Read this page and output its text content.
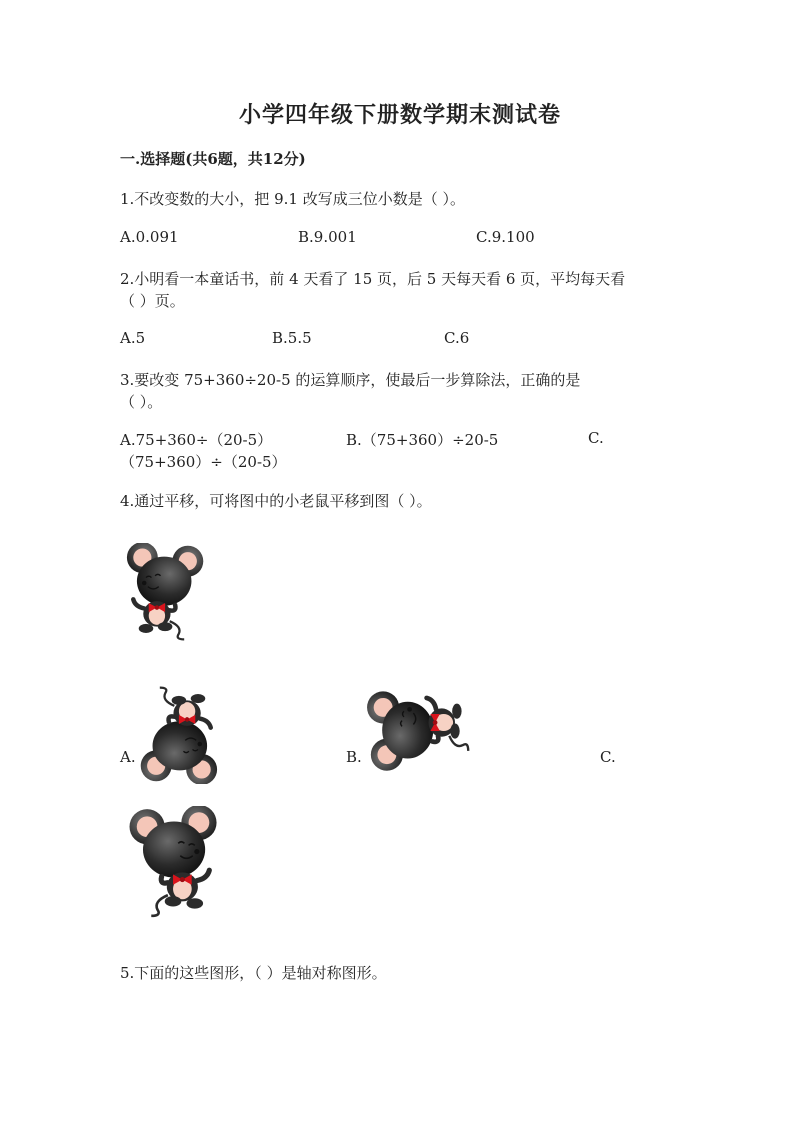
小学四年级下册数学期末测试卷
一.选择题(共6题，共12分)
1.不改变数的大小，把 9.1 改写成三位小数是（ ）。
A.0.091	B.9.001	C.9.100
2.小明看一本童话书，前 4 天看了 15 页，后 5 天每天看 6 页，平均每天看
（ ）页。
A.5	B.5.5	C.6
3.要改变 75+360÷20-5 的运算顺序，使最后一步算除法，正确的是
（ ）。
A.75+360÷（20-5）	B.（75+360）÷20-5	C.
（75+360）÷（20-5）
4.通过平移，可将图中的小老鼠平移到图（ ）。
A.	B.	C.
5.下面的这些图形，（ ）是轴对称图形。
